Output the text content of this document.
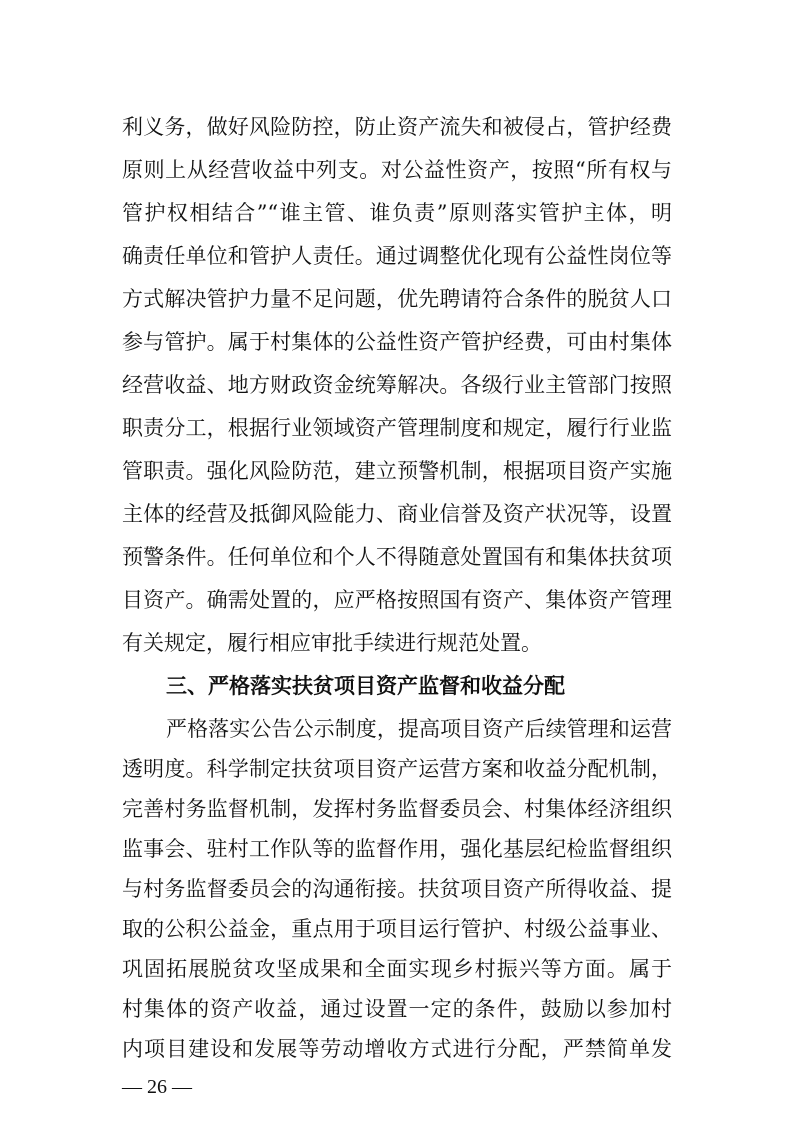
利义务，做好风险防控，防止资产流失和被侵占，管护经费
原则上从经营收益中列支。对公益性资产，按照“所有权与
管护权相结合”“谁主管、谁负责”原则落实管护主体，明
确责任单位和管护人责任。通过调整优化现有公益性岗位等
方式解决管护力量不足问题，优先聘请符合条件的脱贫人口
参与管护。属于村集体的公益性资产管护经费，可由村集体
经营收益、地方财政资金统筹解决。各级行业主管部门按照
职责分工，根据行业领域资产管理制度和规定，履行行业监
管职责。强化风险防范，建立预警机制，根据项目资产实施
主体的经营及抵御风险能力、商业信誉及资产状况等，设置
预警条件。任何单位和个人不得随意处置国有和集体扶贫项
目资产。确需处置的，应严格按照国有资产、集体资产管理
有关规定，履行相应审批手续进行规范处置。
三、严格落实扶贫项目资产监督和收益分配
严格落实公告公示制度，提高项目资产后续管理和运营
透明度。科学制定扶贫项目资产运营方案和收益分配机制，
完善村务监督机制，发挥村务监督委员会、村集体经济组织
监事会、驻村工作队等的监督作用，强化基层纪检监督组织
与村务监督委员会的沟通衔接。扶贫项目资产所得收益、提
取的公积公益金，重点用于项目运行管护、村级公益事业、
巩固拓展脱贫攻坚成果和全面实现乡村振兴等方面。属于
村集体的资产收益，通过设置一定的条件，鼓励以参加村
内项目建设和发展等劳动增收方式进行分配，严禁简单发
— 26 —
